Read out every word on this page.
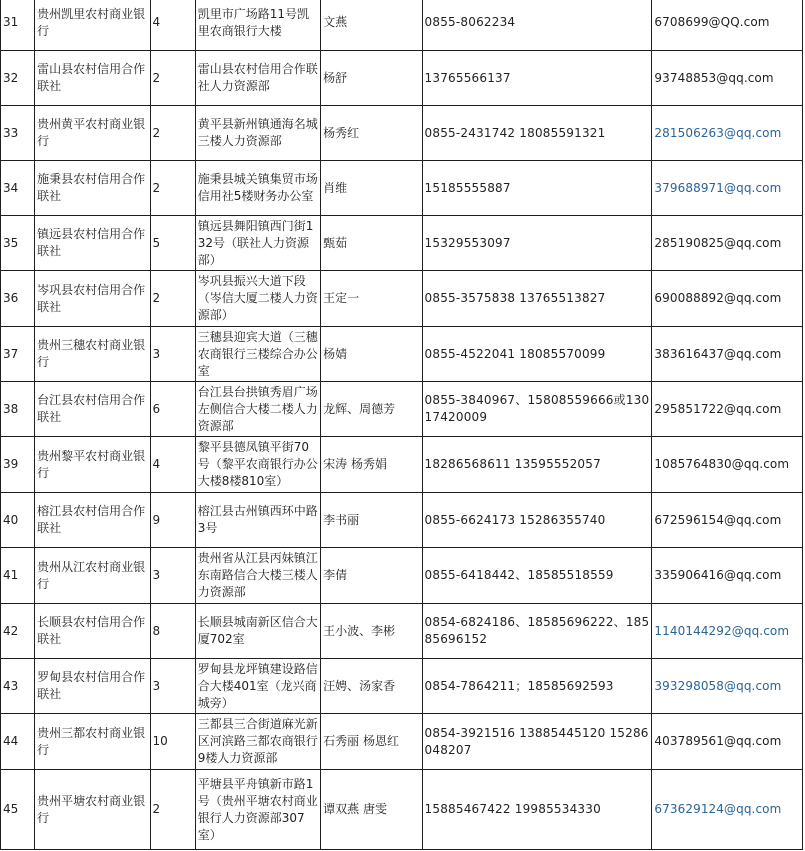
31	贵州凯里农村商业银行	4	凯里市广场路11号凯里农商银行大楼	文燕	0855-8062234	6708699@QQ.com
32	雷山县农村信用合作联社	2	雷山县农村信用合作联社人力资源部	杨舒	13765566137	93748853@qq.com
33	贵州黄平农村商业银行	2	黄平县新州镇通海名城三楼人力资源部	杨秀红	0855-2431742 18085591321	281506263@qq.com
34	施秉县农村信用合作联社	2	施秉县城关镇集贸市场信用社5楼财务办公室	肖维	15185555887	379688971@qq.com
35	镇远县农村信用合作联社	5	镇远县舞阳镇西门街132号（联社人力资源部）	甄茹	15329553097	285190825@qq.com
36	岑巩县农村信用合作联社	2	岑巩县振兴大道下段（岑信大厦二楼人力资源部）	王定一	0855-3575838 13765513827	690088892@qq.com
37	贵州三穗农村商业银行	3	三穗县迎宾大道（三穗农商银行三楼综合办公室	杨婧	0855-4522041 18085570099	383616437@qq.com
38	台江县农村信用合作联社	6	台江县台拱镇秀眉广场左侧信合大楼二楼人力资源部	龙辉、周德芳	0855-3840967、15808559666或13017420009	295851722@qq.com
39	贵州黎平农村商业银行	4	黎平县德凤镇平街70号（黎平农商银行办公大楼8楼810室）	宋涛 杨秀娟	18286568611 13595552057	1085764830@qq.com
40	榕江县农村信用合作联社	9	榕江县古州镇西环中路3号	李书丽	0855-6624173 15286355740	672596154@qq.com
41	贵州从江农村商业银行	3	贵州省从江县丙妹镇江东南路信合大楼三楼人力资源部	李倩	0855-6418442、18585518559	335906416@qq.com
42	长顺县农村信用合作联社	8	长顺县城南新区信合大厦702室	王小波、李彬	0854-6824186、18585696222、18585696152	1140144292@qq.com
43	罗甸县农村信用合作联社	3	罗甸县龙坪镇建设路信合大楼401室（龙兴商城旁）	汪娉、汤家香	0854-7864211；18585692593	393298058@qq.com
44	贵州三都农村商业银行	10	三都县三合街道麻光新区河滨路三都农商银行9楼人力资源部	石秀丽 杨恩红	0854-3921516 13885445120 15286048207	403789561@qq.com
45	贵州平塘农村商业银行	2	平塘县平舟镇新市路1号（贵州平塘农村商业银行人力资源部307室）	谭双燕 唐雯	15885467422 19985534330	673629124@qq.com
